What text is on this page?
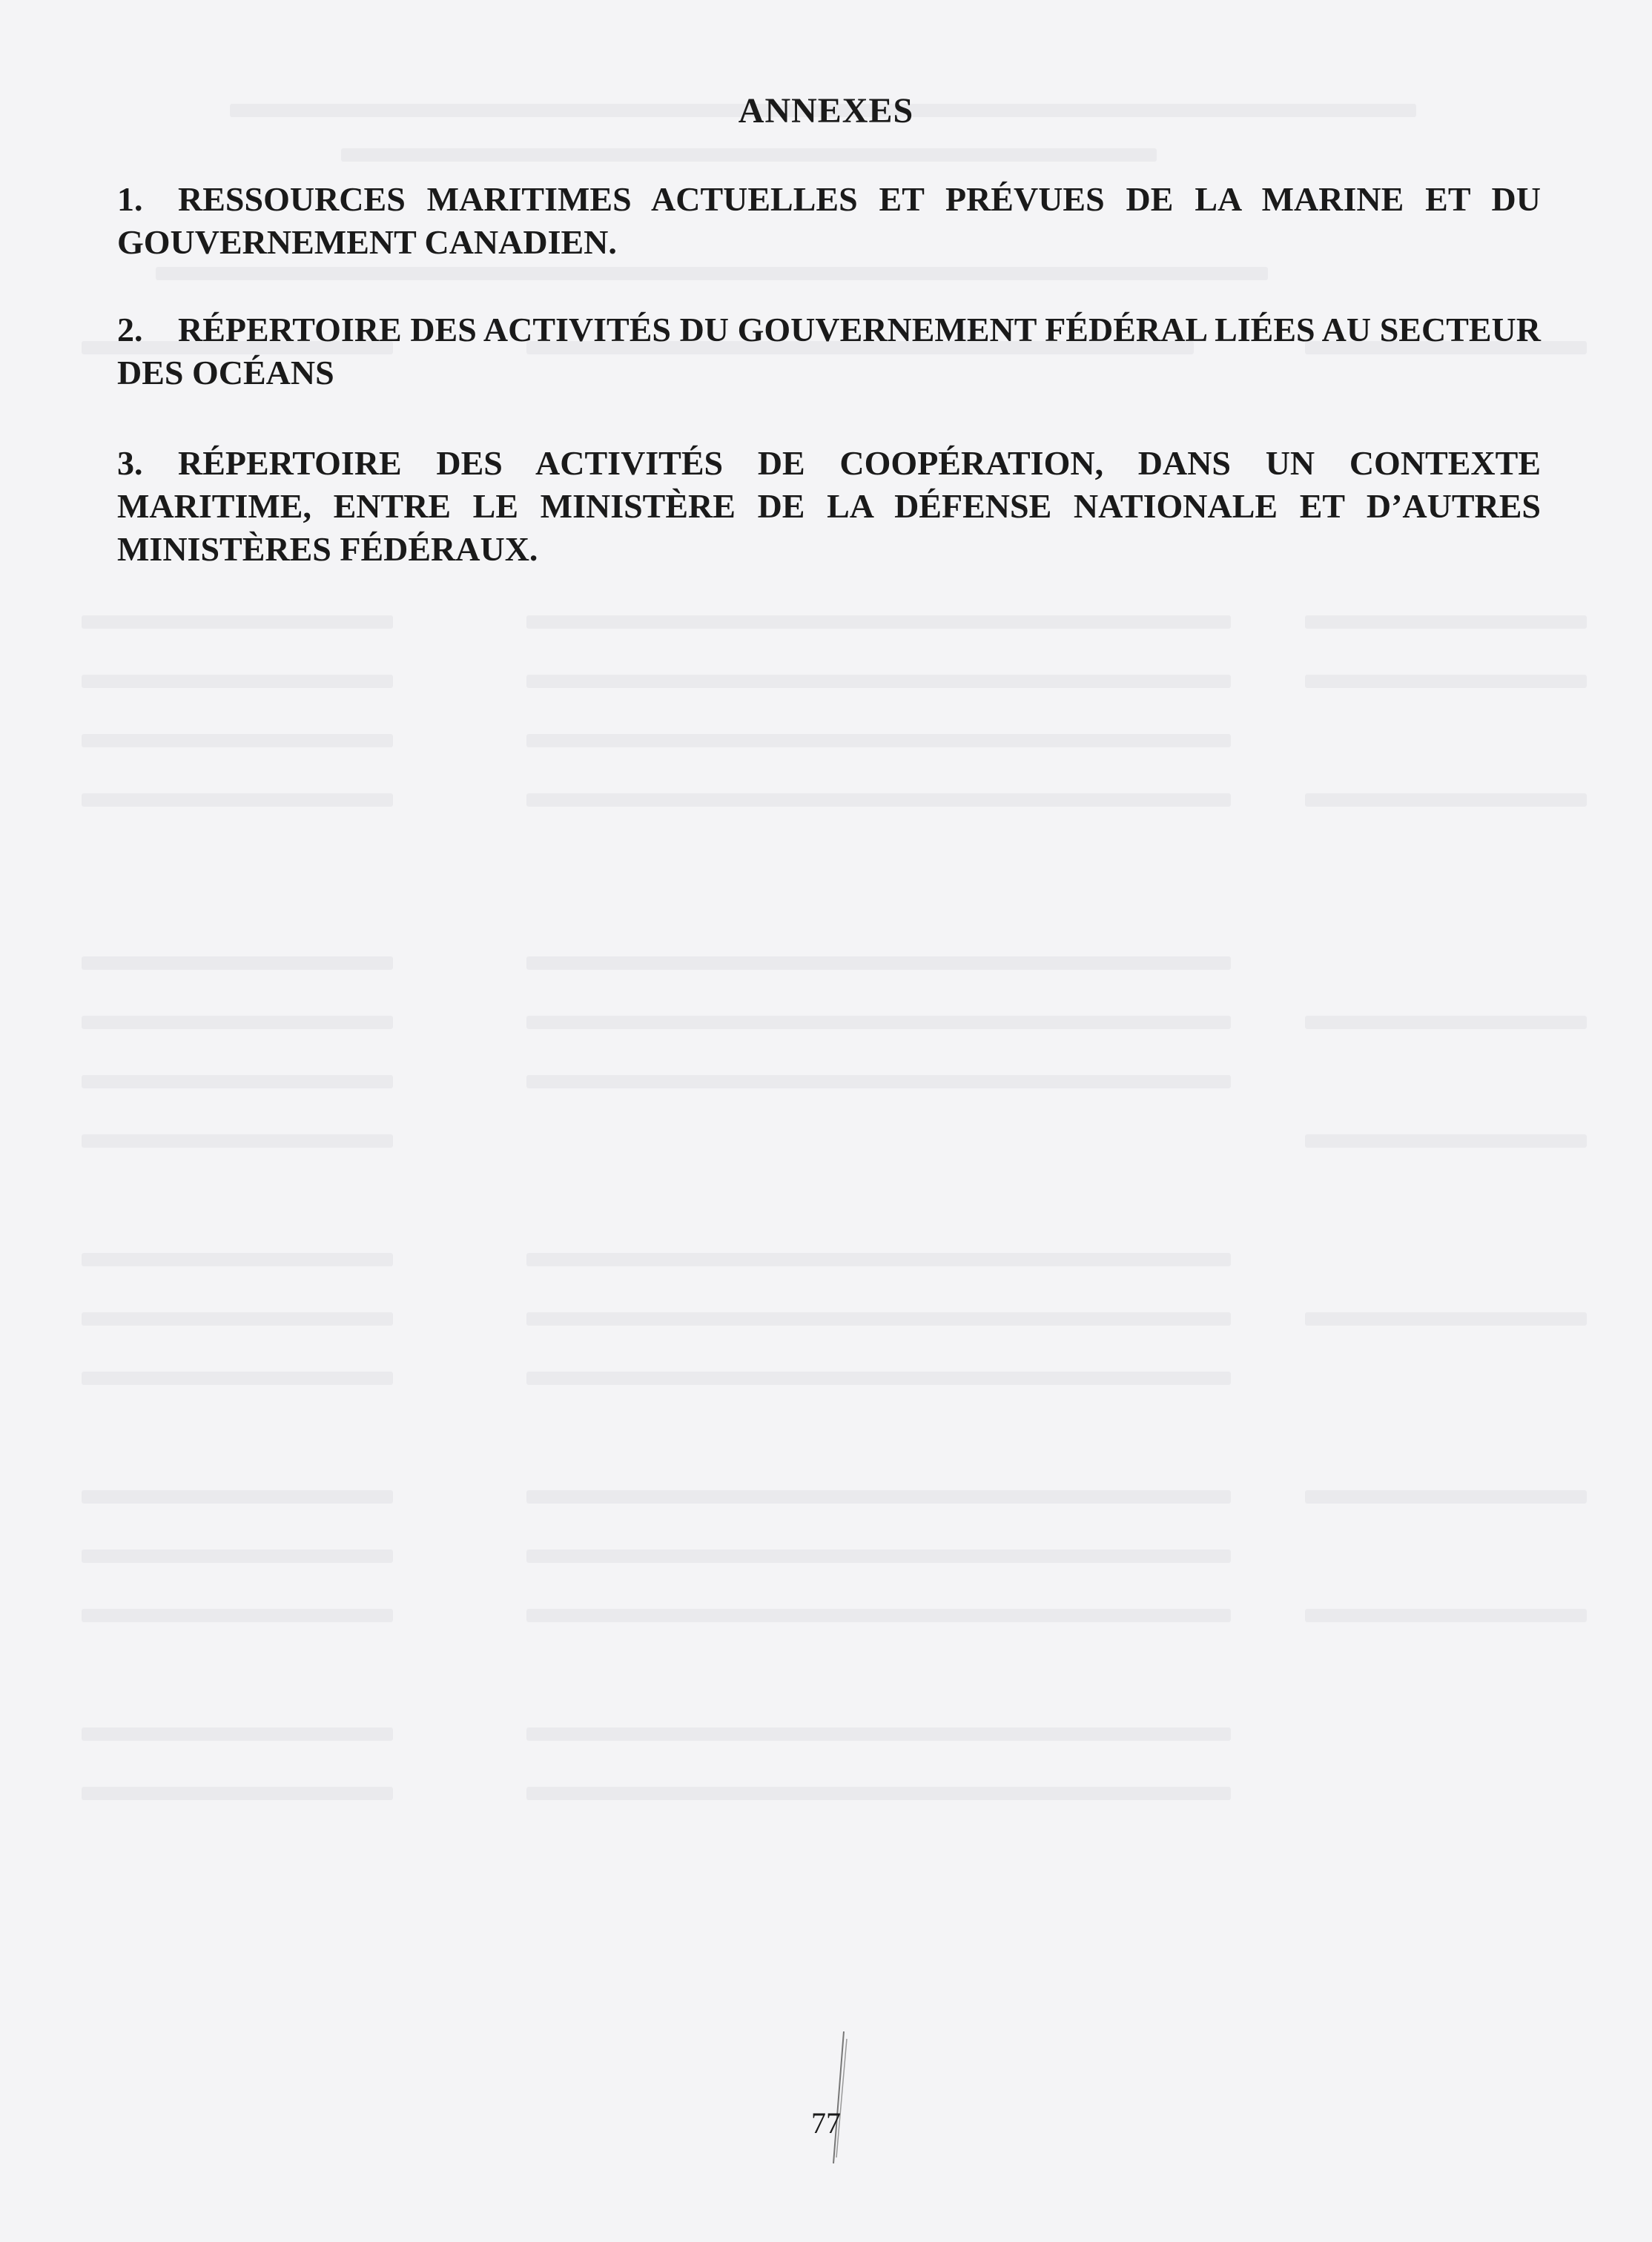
ANNEXES
1. RESSOURCES MARITIMES ACTUELLES ET PRÉVUES DE LA MARINE ET DU GOUVERNEMENT CANADIEN.
2. RÉPERTOIRE DES ACTIVITÉS DU GOUVERNEMENT FÉDÉRAL LIÉES AU SECTEUR DES OCÉANS
3. RÉPERTOIRE DES ACTIVITÉS DE COOPÉRATION, DANS UN CONTEXTE MARITIME, ENTRE LE MINISTÈRE DE LA DÉFENSE NATIONALE ET D’AUTRES MINISTÈRES FÉDÉRAUX.
77
